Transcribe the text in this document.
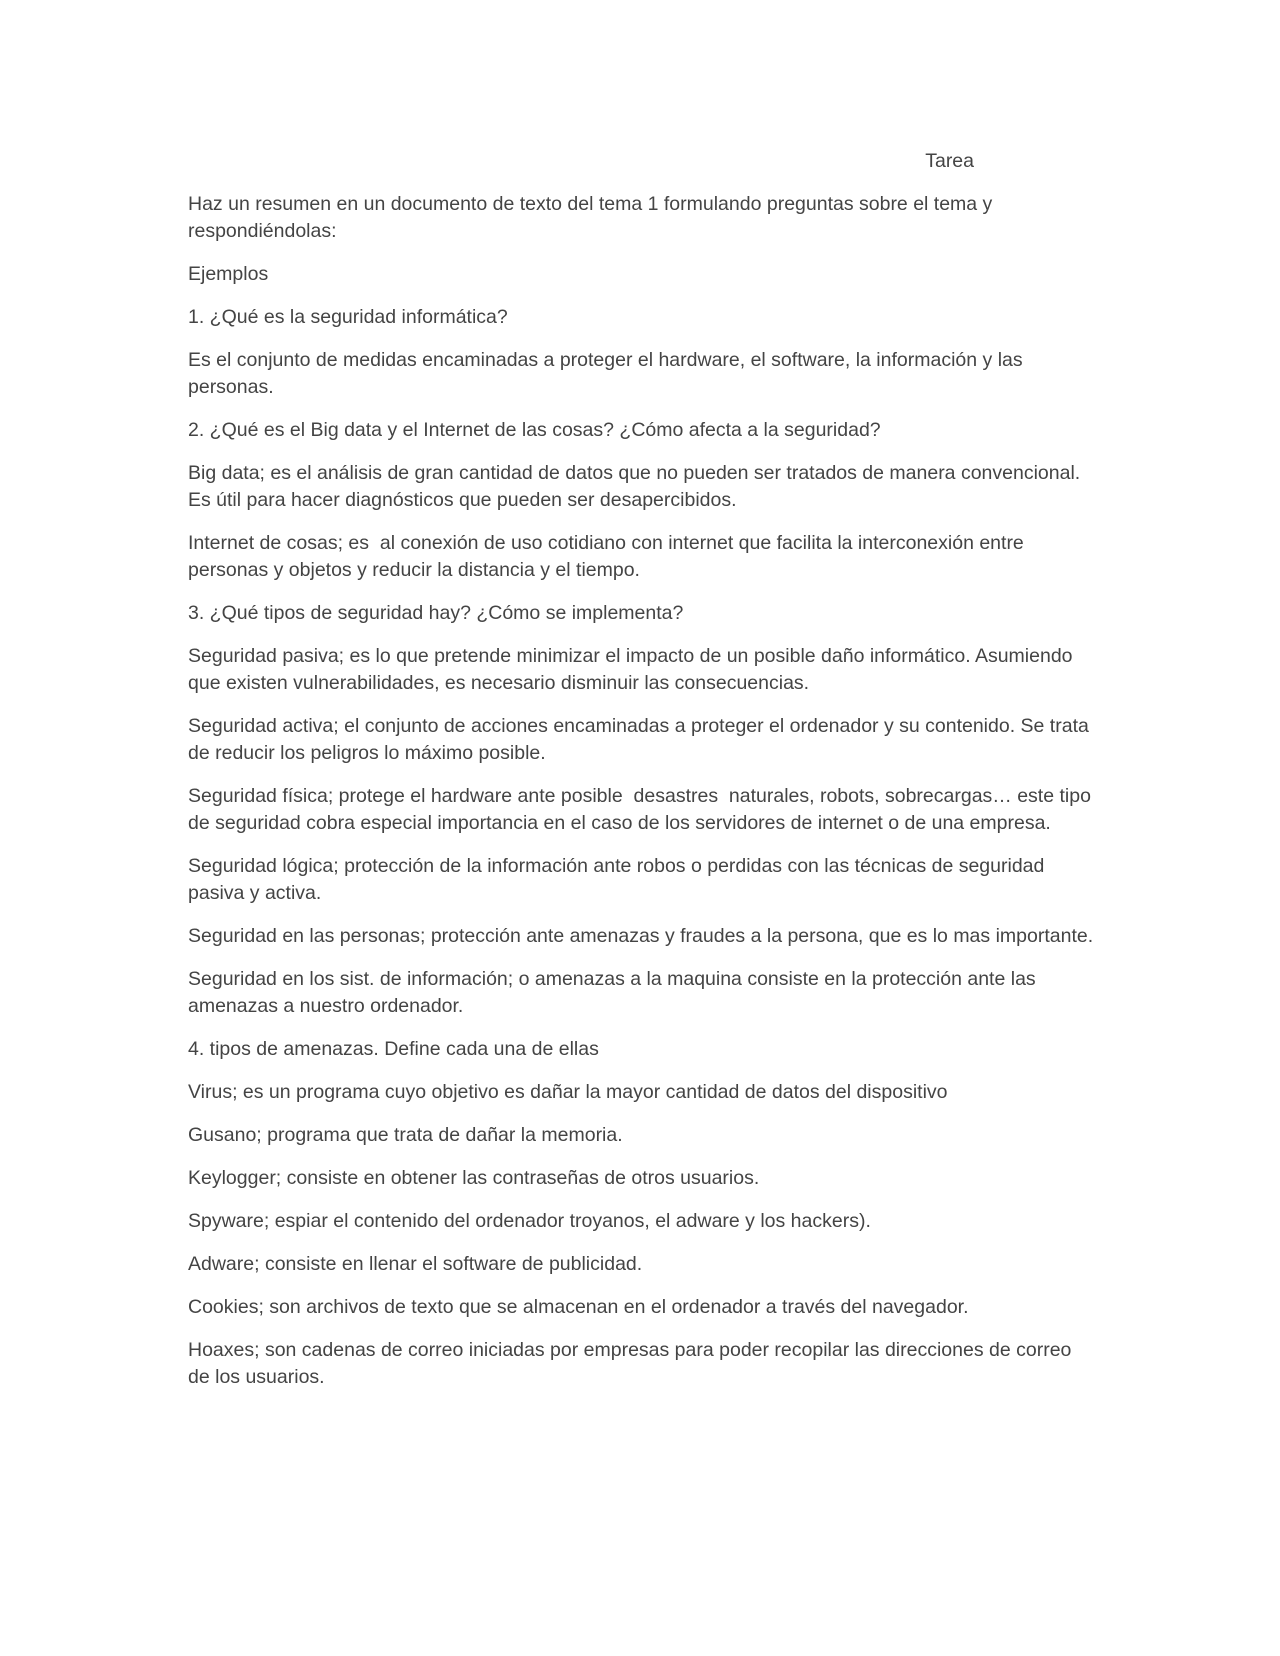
Tarea

Haz un resumen en un documento de texto del tema 1 formulando preguntas sobre el tema y respondiéndolas:

Ejemplos

1. ¿Qué es la seguridad informática?

Es el conjunto de medidas encaminadas a proteger el hardware, el software, la información y las personas.

2. ¿Qué es el Big data y el Internet de las cosas? ¿Cómo afecta a la seguridad?

Big data; es el análisis de gran cantidad de datos que no pueden ser tratados de manera convencional. Es útil para hacer diagnósticos que pueden ser desapercibidos.

Internet de cosas; es  al conexión de uso cotidiano con internet que facilita la interconexión entre personas y objetos y reducir la distancia y el tiempo.

3. ¿Qué tipos de seguridad hay? ¿Cómo se implementa?

Seguridad pasiva; es lo que pretende minimizar el impacto de un posible daño informático. Asumiendo que existen vulnerabilidades, es necesario disminuir las consecuencias.

Seguridad activa; el conjunto de acciones encaminadas a proteger el ordenador y su contenido. Se trata de reducir los peligros lo máximo posible.

Seguridad física; protege el hardware ante posible  desastres  naturales, robots, sobrecargas… este tipo de seguridad cobra especial importancia en el caso de los servidores de internet o de una empresa.

Seguridad lógica; protección de la información ante robos o perdidas con las técnicas de seguridad pasiva y activa.

Seguridad en las personas; protección ante amenazas y fraudes a la persona, que es lo mas importante.

Seguridad en los sist. de información; o amenazas a la maquina consiste en la protección ante las amenazas a nuestro ordenador.

4. tipos de amenazas. Define cada una de ellas

Virus; es un programa cuyo objetivo es dañar la mayor cantidad de datos del dispositivo

Gusano; programa que trata de dañar la memoria.

Keylogger; consiste en obtener las contraseñas de otros usuarios.

Spyware; espiar el contenido del ordenador troyanos, el adware y los hackers).

Adware; consiste en llenar el software de publicidad.

Cookies; son archivos de texto que se almacenan en el ordenador a través del navegador.

Hoaxes; son cadenas de correo iniciadas por empresas para poder recopilar las direcciones de correo de los usuarios.
